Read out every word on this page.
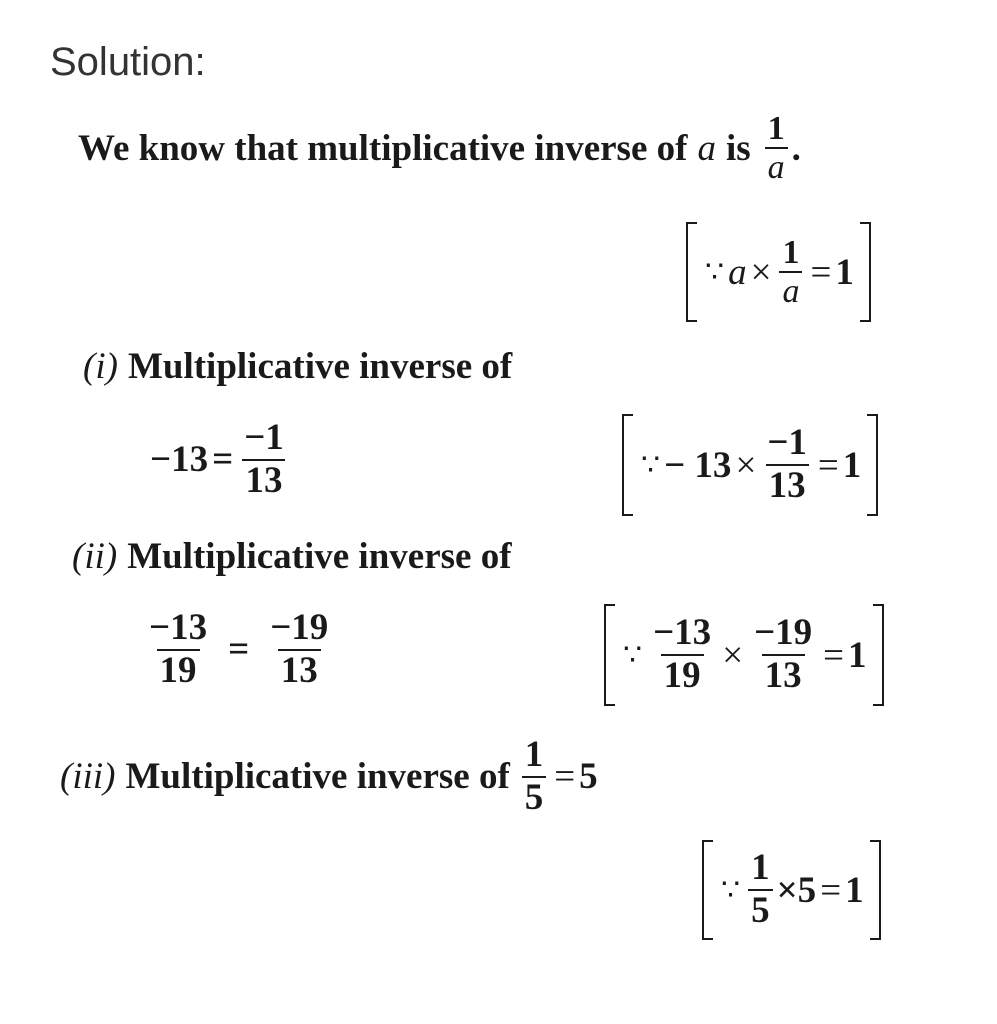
Solution:
We know that multiplicative inverse of a is $\frac{1}{a}$ .
∵ $a \times \frac{1}{a} = 1$
(i) Multiplicative inverse of
$-13 = \frac{-1}{13}$	∵ − $13 \times \frac{-1}{13} = 1$
(ii) Multiplicative inverse of
$\frac{-13}{19} = \frac{-19}{13}$	∵ $\frac{-13}{19} \times \frac{-19}{13} = 1$
(iii) Multiplicative inverse of $\frac{1}{5} = 5$
∵ $\frac{1}{5} \times 5 = 1$
